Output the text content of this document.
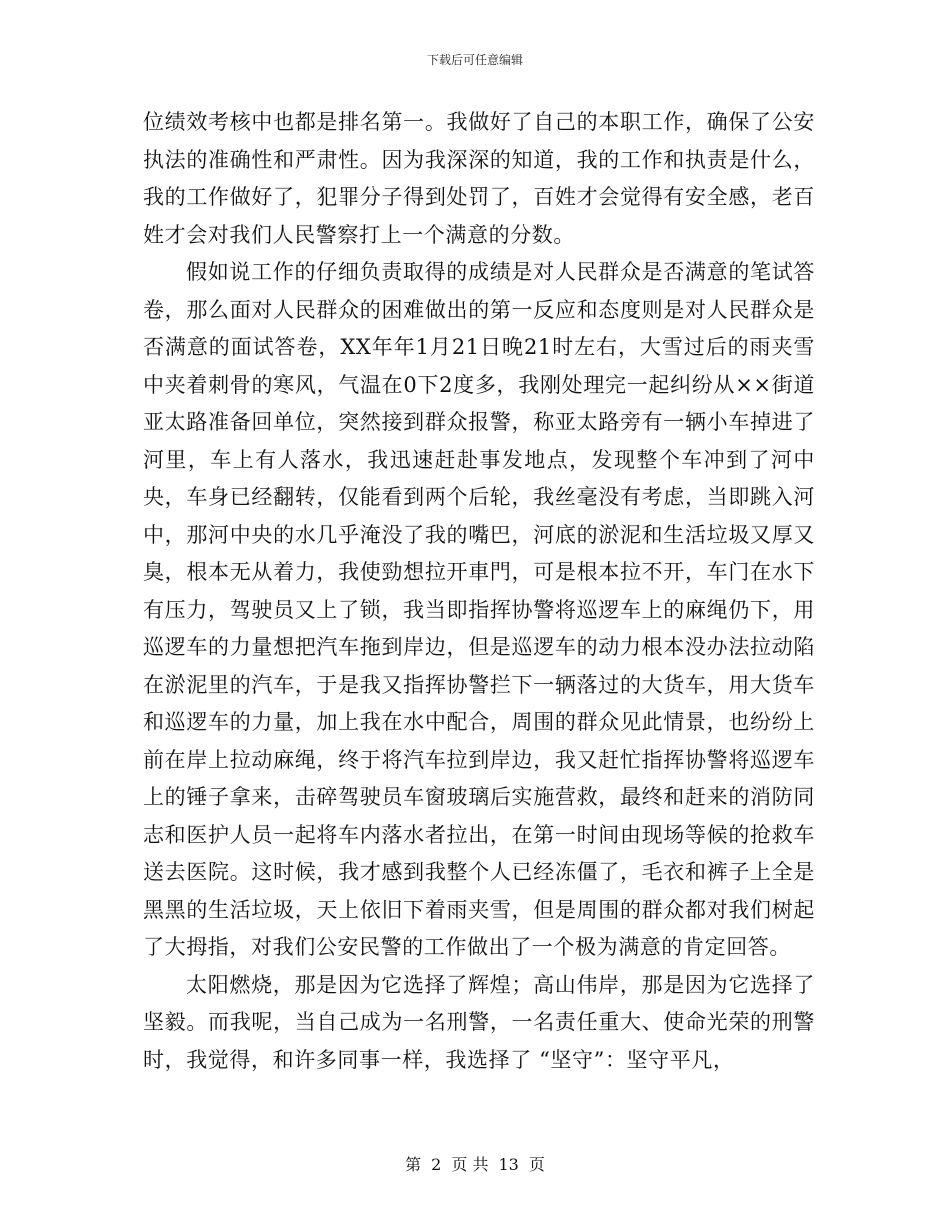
下载后可任意编辑

位绩效考核中也都是排名第一。我做好了自己的本职工作，确保了公安执法的准确性和严肃性。因为我深深的知道，我的工作和执责是什么，我的工作做好了，犯罪分子得到处罚了，百姓才会觉得有安全感，老百姓才会对我们人民警察打上一个满意的分数。

假如说工作的仔细负责取得的成绩是对人民群众是否满意的笔试答卷，那么面对人民群众的困难做出的第一反应和态度则是对人民群众是否满意的面试答卷，XX年年1月21日晚21时左右，大雪过后的雨夹雪中夹着刺骨的寒风，气温在0下2度多，我刚处理完一起纠纷从××街道亚太路准备回单位，突然接到群众报警，称亚太路旁有一辆小车掉进了河里，车上有人落水，我迅速赶赴事发地点，发现整个车冲到了河中央，车身已经翻转，仅能看到两个后轮，我丝毫没有考虑，当即跳入河中，那河中央的水几乎淹没了我的嘴巴，河底的淤泥和生活垃圾又厚又臭，根本无从着力，我使勁想拉开車門，可是根本拉不开，车门在水下有压力，驾驶员又上了锁，我当即指挥协警将巡逻车上的麻绳仍下，用巡逻车的力量想把汽车拖到岸边，但是巡逻车的动力根本没办法拉动陷在淤泥里的汽车，于是我又指挥协警拦下一辆落过的大货车，用大货车和巡逻车的力量，加上我在水中配合，周围的群众见此情景，也纷纷上前在岸上拉动麻绳，终于将汽车拉到岸边，我又赶忙指挥协警将巡逻车上的锤子拿来，击碎驾驶员车窗玻璃后实施营救，最终和赶来的消防同志和医护人员一起将车内落水者拉出，在第一时间由现场等候的抢救车送去医院。这时候，我才感到我整个人已经冻僵了，毛衣和裤子上全是黑黑的生活垃圾，天上依旧下着雨夹雪，但是周围的群众都对我们树起了大拇指，对我们公安民警的工作做出了一个极为满意的肯定回答。

太阳燃烧，那是因为它选择了辉煌；高山伟岸，那是因为它选择了坚毅。而我呢，当自己成为一名刑警，一名责任重大、使命光荣的刑警时，我觉得，和许多同事一样，我选择了 “坚守”：坚守平凡，

第 2 页 共 13 页
